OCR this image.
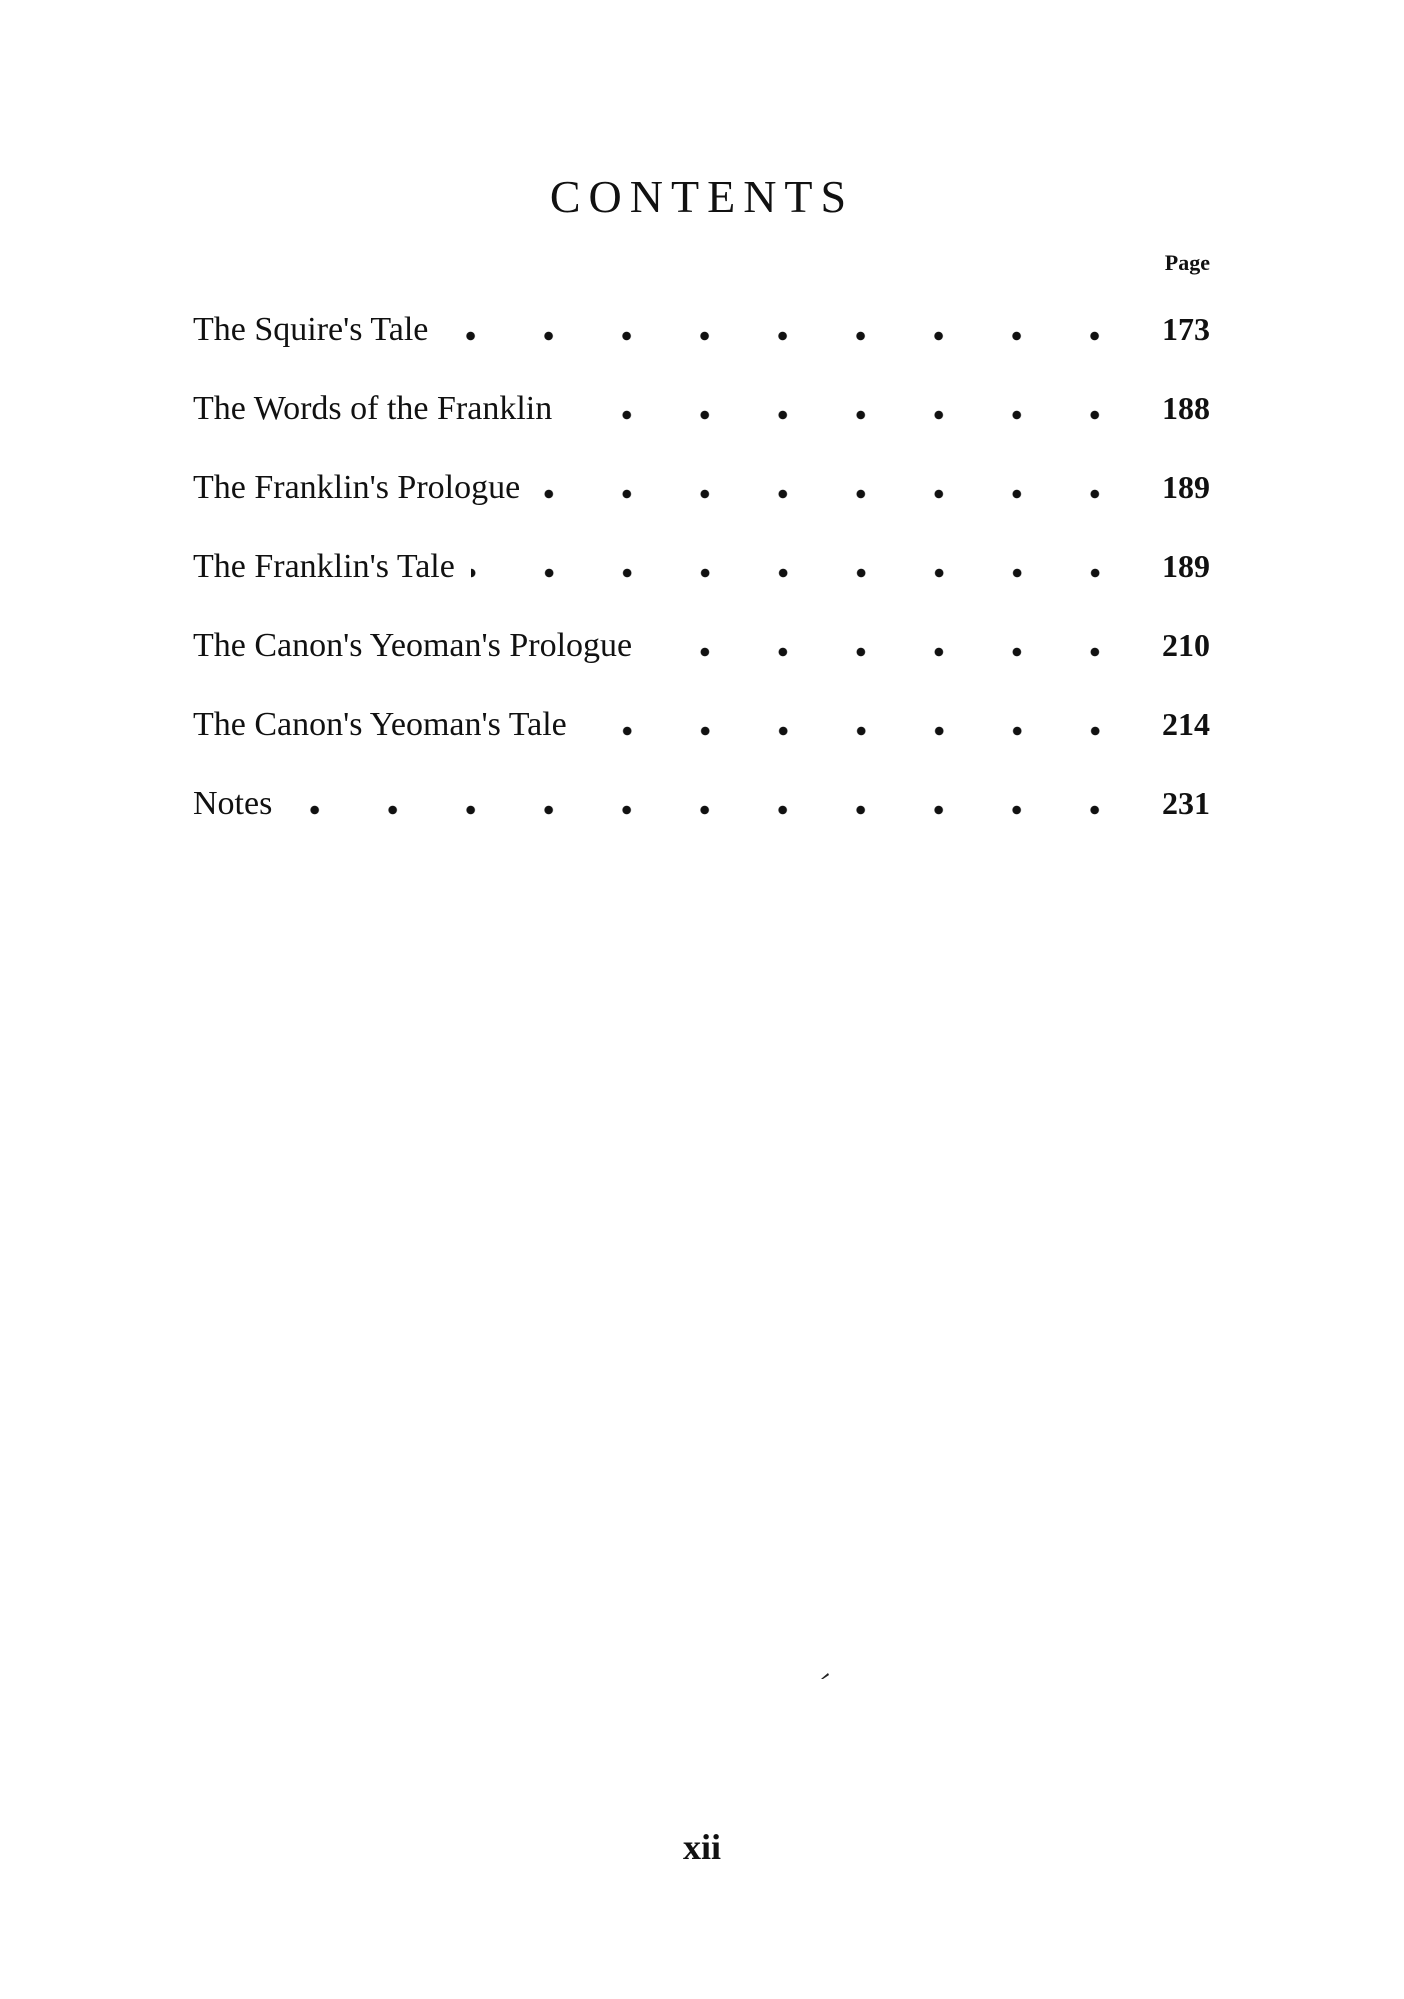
CONTENTS
Page
The Squire's Tale	173
The Words of the Franklin	188
The Franklin's Prologue	189
The Franklin's Tale	189
The Canon's Yeoman's Prologue	210
The Canon's Yeoman's Tale	214
Notes	231
xii
